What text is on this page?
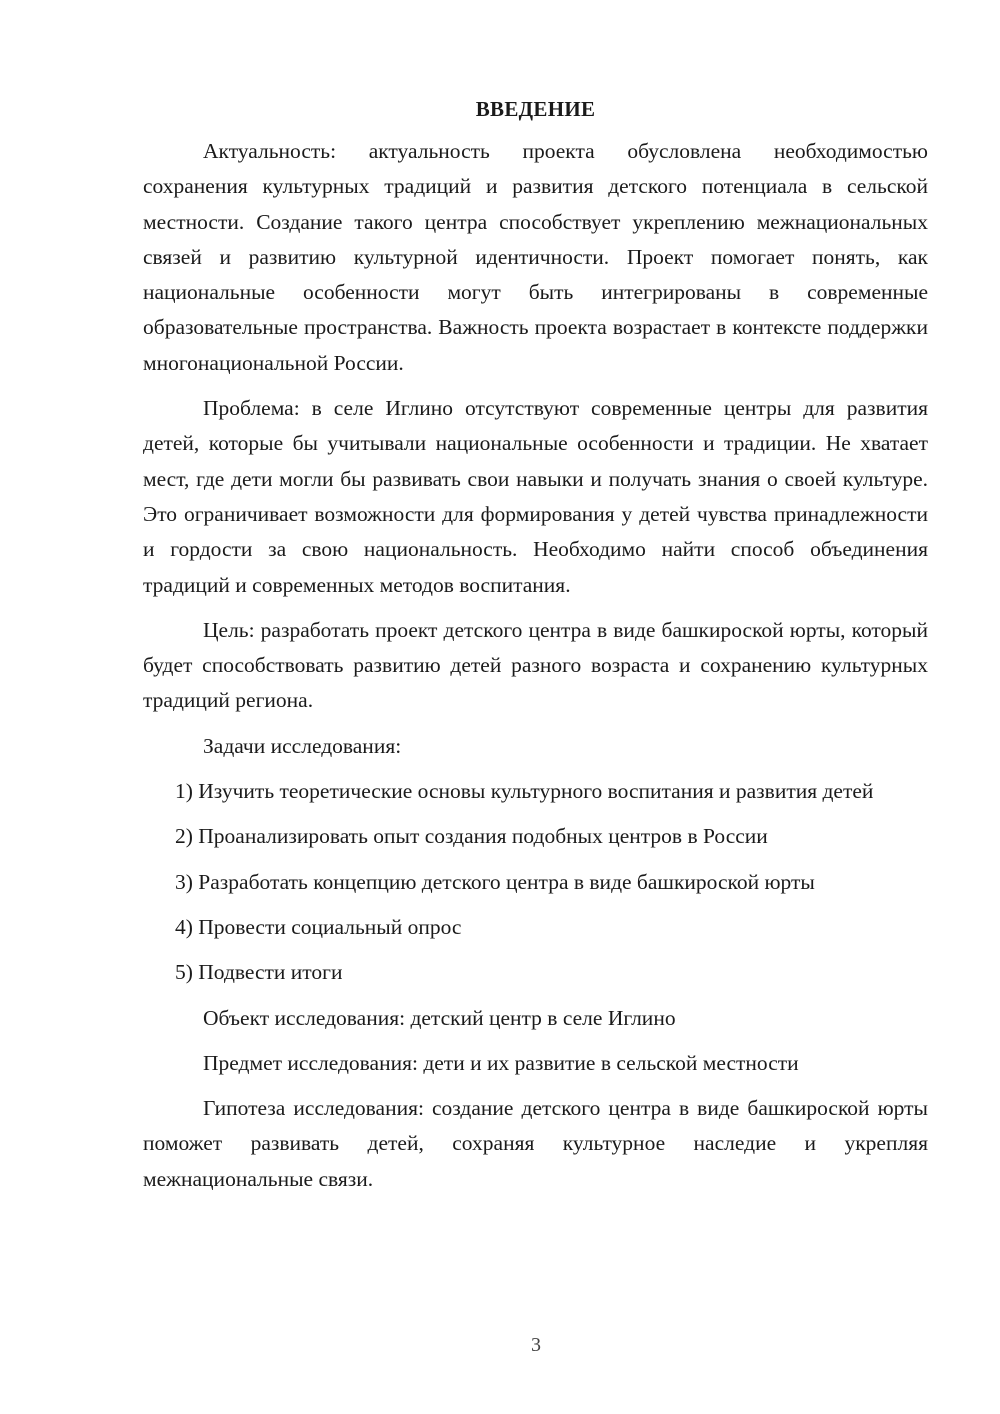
ВВЕДЕНИЕ

Актуальность: актуальность проекта обусловлена необходимостью сохранения культурных традиций и развития детского потенциала в сельской местности. Создание такого центра способствует укреплению межнациональных связей и развитию культурной идентичности. Проект помогает понять, как национальные особенности могут быть интегрированы в современные образовательные пространства. Важность проекта возрастает в контексте поддержки многонациональной России.

Проблема: в селе Иглино отсутствуют современные центры для развития детей, которые бы учитывали национальные особенности и традиции. Не хватает мест, где дети могли бы развивать свои навыки и получать знания о своей культуре. Это ограничивает возможности для формирования у детей чувства принадлежности и гордости за свою национальность. Необходимо найти способ объединения традиций и современных методов воспитания.

Цель: разработать проект детского центра в виде башкироской юрты, который будет способствовать развитию детей разного возраста и сохранению культурных традиций региона.

Задачи исследования:

1) Изучить теоретические основы культурного воспитания и развития детей

2) Проанализировать опыт создания подобных центров в России

3) Разработать концепцию детского центра в виде башкироской юрты

4) Провести социальный опрос

5) Подвести итоги

Объект исследования: детский центр в селе Иглино

Предмет исследования: дети и их развитие в сельской местности

Гипотеза исследования: создание детского центра в виде башкироской юрты поможет развивать детей, сохраняя культурное наследие и укрепляя межнациональные связи.

3
